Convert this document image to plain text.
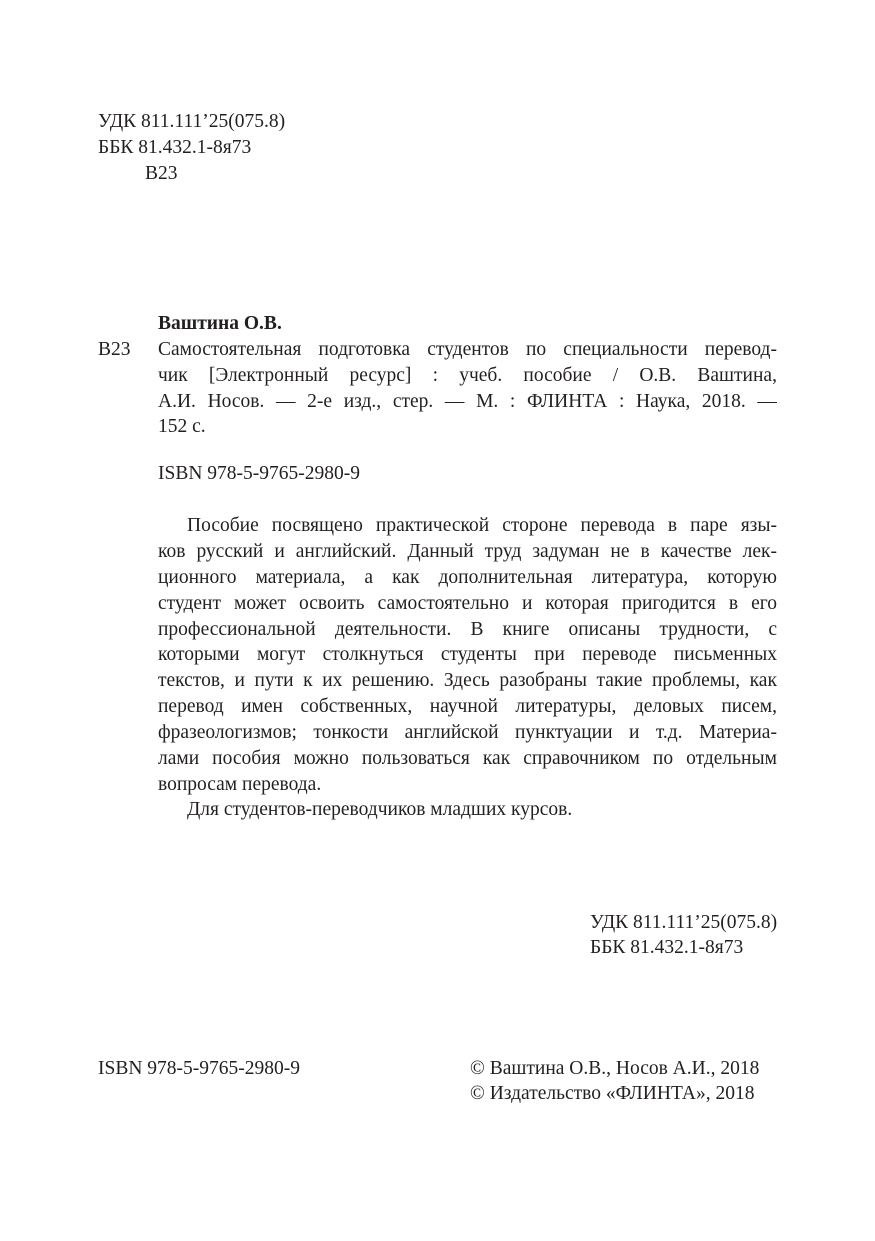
УДК 811.111’25(075.8)
ББК 81.432.1-8я73
В23
Ваштина О.В.
В23 Самостоятельная подготовка студентов по специальности перевод-
чик [Электронный ресурс] : учеб. пособие / О.В. Ваштина,
А.И. Носов. — 2-е изд., стер. — М. : ФЛИНТА : Наука, 2018. —
152 с.
ISBN 978-5-9765-2980-9
Пособие посвящено практической стороне перевода в паре язы-
ков русский и английский. Данный труд задуман не в качестве лек-
ционного материала, а как дополнительная литература, которую
студент может освоить самостоятельно и которая пригодится в его
профессиональной деятельности. В книге описаны трудности, с
которыми могут столкнуться студенты при переводе письменных
текстов, и пути к их решению. Здесь разобраны такие проблемы, как
перевод имен собственных, научной литературы, деловых писем,
фразеологизмов; тонкости английской пунктуации и т.д. Материа-
лами пособия можно пользоваться как справочником по отдельным
вопросам перевода.
Для студентов-переводчиков младших курсов.
УДК 811.111’25(075.8)
ББК 81.432.1-8я73
ISBN 978-5-9765-2980-9	© Ваштина О.В., Носов А.И., 2018
© Издательство «ФЛИНТА», 2018
